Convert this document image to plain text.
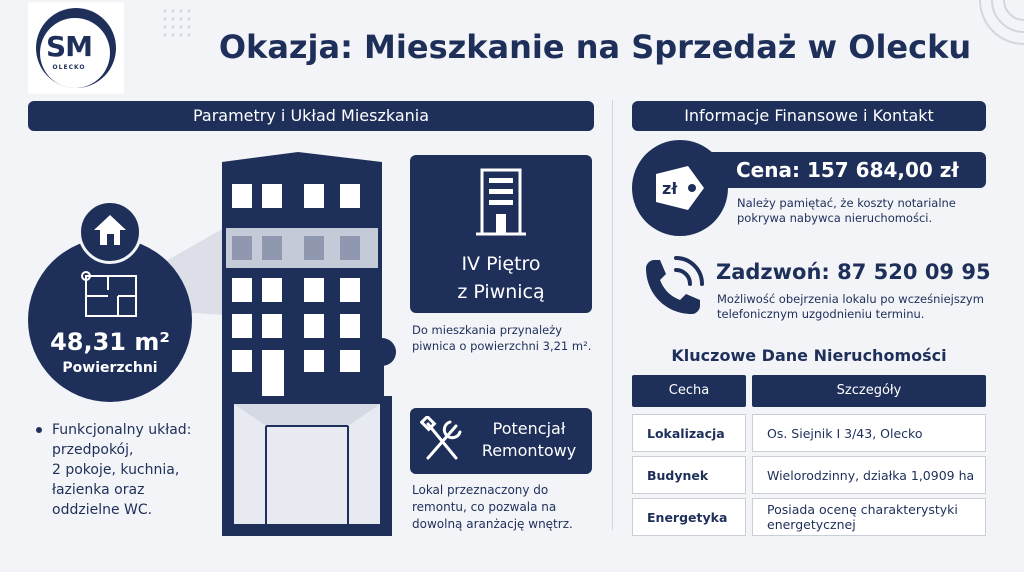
SM
OLECKO
Okazja: Mieszkanie na Sprzedaż w Olecku
Parametry i Układ Mieszkania	Informacje Finansowe i Kontakt
48,31 m²
Powierzchni
Funkcjonalny układ:
przedpokój,
2 pokoje, kuchnia,
łazienka oraz
oddzielne WC.
IV Piętro
z Piwnicą
Do mieszkania przynależy
piwnica o powierzchni 3,21 m².
Potencjał
Remontowy
Lokal przeznaczony do
remontu, co pozwala na
dowolną aranżację wnętrz.
zł
Cena: 157 684,00 zł
Należy pamiętać, że koszty notarialne
pokrywa nabywca nieruchomości.
Zadzwoń: 87 520 09 95
Możliwość obejrzenia lokalu po wcześniejszym
telefonicznym uzgodnieniu terminu.
Kluczowe Dane Nieruchomości
Cecha	Szczegóły
Lokalizacja	Os. Siejnik I 3/43, Olecko
Budynek	Wielorodzinny, działka 1,0909 ha
Energetyka	Posiada ocenę charakterystyki
energetycznej
